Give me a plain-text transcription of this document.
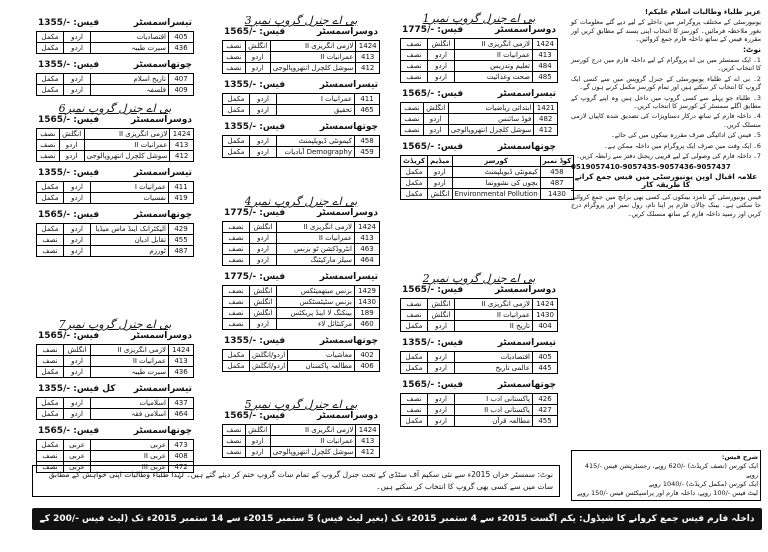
عزیز طلباء وطالبات اسلام علیکم!

یونیورسٹی کے مختلف پروگرامز میں داخلے کے لیے دیے گئے معلومات کو بغور ملاحظہ فرمائیں۔ کورسز کا انتخاب اپنی پسند کے مطابق کریں اور مقررہ فیس کے ساتھ داخلہ فارم جمع کروائیں۔

نوٹ:

1۔ ایک سمسٹر میں بی اے پروگرام کے لیے داخلہ فارم میں درج کورسز کا انتخاب کریں۔

2۔ بی اے کے طلباء یونیورسٹی کے جنرل گروپس میں سے کسی ایک گروپ کا انتخاب کر سکتے ہیں اور تمام کورسز مکمل کرنے ہوں گے۔

3۔ طلباء جو پہلے سے کسی گروپ میں داخل ہیں وہ اپنے گروپ کے مطابق اگلے سمسٹر کے کورسز کا انتخاب کریں۔

4۔ داخلہ فارم کے ساتھ درکار دستاویزات کی تصدیق شدہ کاپیاں لازمی منسلک کریں۔

5۔ فیس کی ادائیگی صرف مقررہ بینکوں میں کی جائے۔

6۔ ایک وقت میں صرف ایک پروگرام میں داخلہ ممکن ہے۔

7۔ داخلہ فارم کی وصولی کے لیے قریبی ریجنل دفتر سے رابطہ کریں۔

0519057410-9057435-9057436-9057437

علامہ اقبال اوپن یونیورسٹی میں فیس جمع کرانے کا طریقہ کار

فیس یونیورسٹی کے نامزد بینکوں کی کسی بھی برانچ میں جمع کروائی جا سکتی ہے۔ بینک چالان فارم پر اپنا نام، رول نمبر اور پروگرام درج کریں اور رسید داخلہ فارم کے ساتھ منسلک کریں۔

بی اے جنرل گروپ نمبر1
دوسراسمسٹر
فیس: -/1775
1424	لازمی انگریزی II	انگلش	نصف
413	عمرانیات II	اردو	نصف
484	تعلیم وتدریس	اردو	نصف
485	صحت وغذائیت	اردو	نصف
تیسراسمسٹر
فیس: -/1565
1421	ابتدائی ریاضیات	انگلش	نصف
482	فوڈ سائنس	اردو	نصف
412	سوشل کلچرل انتھروپالوجی	اردو	نصف
چوتھاسمسٹر
فیس: -/1565
کوڈ نمبر	کورسز	میڈیم	کریڈٹ
458	کیمونٹی ڈیویلپمنٹ	اردو	مکمل
487	بچوں کی نشوونما	اردو	مکمل
1430	Environmental Pollution	انگلش	مکمل
بی اے جنرل گروپ نمبر2
دوسراسمسٹر
فیس: -/1565
1424	لازمی انگریزی II	انگلش	نصف
1430	عمرانیات II	انگلش	نصف
404	تاریخ II	اردو	مکمل
تیسراسمسٹر
فیس: -/1355
405	اقتصادیات	اردو	مکمل
445	عالمی تاریخ	اردو	مکمل
چوتھاسمسٹر
فیس: -/1565
426	پاکستانی ادب I	اردو	نصف
427	پاکستانی ادب II	اردو	نصف
455	مطالعہ قرآن	اردو	مکمل
بی اے جنرل گروپ نمبر3
دوسراسمسٹر
فیس: -/1565
1424	لازمی انگریزی II	انگلش	نصف
413	عمرانیات II	اردو	نصف
412	سوشل کلچرل انتھروپالوجی	اردو	نصف
تیسراسمسٹر
فیس: -/1355
411	عمرانیات I	اردو	مکمل
465	تحقیق	اردو	مکمل
چوتھاسمسٹر
فیس: -/1355
458	کیمونٹی ڈیویلپمنٹ	اردو	مکمل
459	Demography آبادیات	اردو	مکمل
بی اے جنرل گروپ نمبر4
دوسراسمسٹر
فیس: -/1775
1424	لازمی انگریزی II	انگلش	نصف
413	عمرانیات II	اردو	نصف
463	انٹروڈکشن ٹو بزنس	اردو	نصف
464	سیلز مارکیٹنگ	اردو	نصف
تیسراسمسٹر
فیس: -/1775
1429	بزنس میتھمیٹکس	انگلش	نصف
1430	بزنس سٹیٹسٹکس	انگلش	نصف
189	بینکنگ لا اینڈ پریکٹس	انگلش	نصف
460	مرکنٹائل لاء	اردو	نصف
چوتھاسمسٹر
فیس: -/1355
402	معاشیات	اردو/انگلش	مکمل
406	مطالعہ پاکستان	اردو/انگلش	مکمل
بی اے جنرل گروپ نمبر5
دوسراسمسٹر
فیس: -/1565
1424	لازمی انگریزی II	انگلش	نصف
413	عمرانیات II	اردو	نصف
412	سوشل کلچرل انتھروپالوجی	اردو	نصف
تیسراسمسٹر
فیس: -/1355
405	اقتصادیات	اردو	مکمل
436	سیرت طیبہ	اردو	مکمل
چوتھاسمسٹر
فیس: -/1355
407	تاریخ اسلام	اردو	مکمل
409	فلسفہ	اردو	مکمل
بی اے جنرل گروپ نمبر6
دوسراسمسٹر
فیس: -/1565
1424	لازمی انگریزی II	انگلش	نصف
413	عمرانیات II	اردو	نصف
412	سوشل کلچرل انتھروپالوجی	اردو	نصف
تیسراسمسٹر
فیس: -/1355
411	عمرانیات I	اردو	مکمل
419	نفسیات	اردو	مکمل
چوتھاسمسٹر
فیس: -/1565
429	الیکٹرانک اینڈ ماس میڈیا	اردو	مکمل
455	تقابل ادیان	اردو	نصف
487	ٹورزم	اردو	نصف
بی اے جنرل گروپ نمبر7
دوسراسمسٹر
فیس: -/1565
1424	لازمی انگریزی II	انگلش	نصف
413	عمرانیات II	اردو	نصف
436	سیرت طیبہ	اردو	مکمل
تیسراسمسٹر
کل فیس: -/1355
437	اسلامیات	اردو	مکمل
464	اسلامی فقہ	اردو	مکمل
چوتھاسمسٹر
فیس: -/1565
473	عربی	عربی	مکمل
408	عربی II	عربی	نصف
472	عربی III	عربی	نصف
شرح فیس:
ایک کورس (نصف کریڈٹ) -/620 روپے، رجسٹریشن فیس -/415 روپے
ایک کورس (مکمل کریڈٹ) -/1040 روپے
لیٹ فیس -/100 روپے، داخلہ فارم اور پراسپکٹس فیس -/150 روپے
نوٹ: سمسٹر خزاں 2015ء سے نئی سکیم آف سٹڈی کے تحت جنرل گروپ کے تمام سات گروپ ختم کر دیئے گئے ہیں۔ لہٰذا طلباء وطالبات اپنی خواہش کے مطابق سات میں سے کسی بھی گروپ کا انتخاب کر سکتے ہیں۔
داخلہ فارم فیس جمع کروانے کا شیڈول: یکم اگست 2015ء سے 4 ستمبر 2015ء تک (بغیر لیٹ فیس) 5 ستمبر 2015ء سے 14 ستمبر 2015ء تک (لیٹ فیس -/200 کے ساتھ) 15 ستمبر 2015ء سے 25 ستمبر 2015ء تک (اضافی لیٹ فیس -/400 کے ساتھ)
